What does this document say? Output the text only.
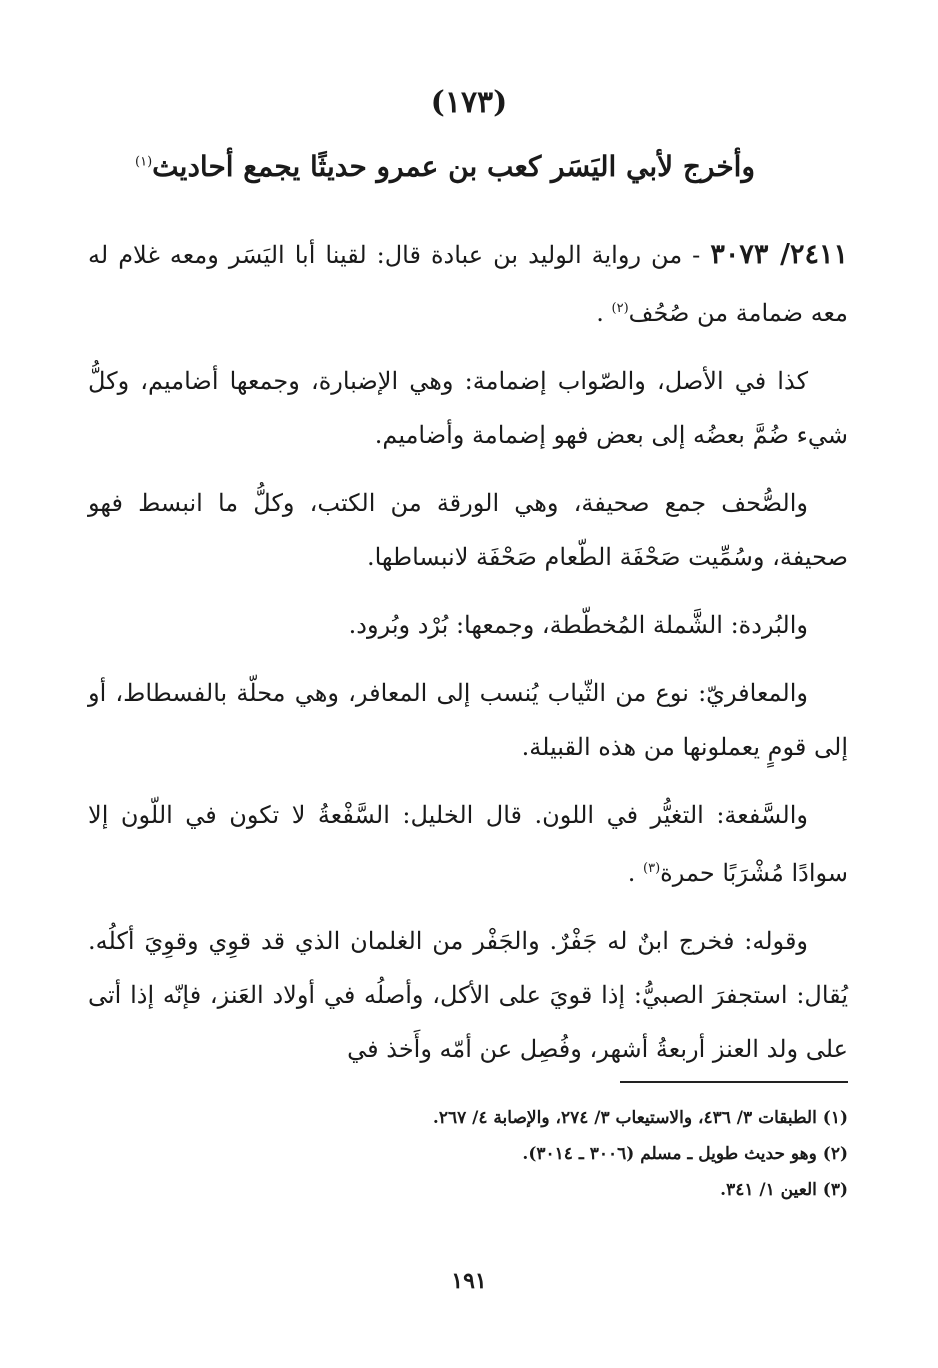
(١٧٣)
وأخرج لأبي اليَسَر كعب بن عمرو حديثًا يجمع أحاديث$^{(١)}$

٢٤١١/ ٣٠٧٣ - من رواية الوليد بن عبادة قال: لقينا أبا اليَسَر ومعه غلام له معه ضمامة من صُحُف$^{(٢)}$ .

كذا في الأصل، والصّواب إضمامة: وهي الإضبارة، وجمعها أضاميم، وكلُّ شيء ضُمَّ بعضُه إلى بعض فهو إضمامة وأضاميم.

والصُّحف جمع صحيفة، وهي الورقة من الكتب، وكلُّ ما انبسط فهو صحيفة، وسُمِّيت صَحْفَة الطّعام صَحْفَة لانبساطها.

والبُردة: الشَّملة المُخطّطة، وجمعها: بُرْد وبُرود.

والمعافريّ: نوع من الثّياب يُنسب إلى المعافر، وهي محلّة بالفسطاط، أو إلى قومٍ يعملونها من هذه القبيلة.

والسَّفعة: التغيُّر في اللون. قال الخليل: السَّفْعةُ لا تكون في اللّون إلا سوادًا مُشْرَبًا حمرة$^{(٣)}$ .

وقوله: فخرج ابنٌ له جَفْرٌ. والجَفْر من الغلمان الذي قد قوِي وقوِيَ أكلُه. يُقال: استجفرَ الصبيُّ: إذا قويَ على الأكل، وأصلُه في أولاد العَنز، فإنّه إذا أتى على ولد العنز أربعةُ أشهر، وفُصِل عن أمّه وأَخذ في

(١) الطبقات ٣/ ٤٣٦، والاستيعاب ٣/ ٢٧٤، والإصابة ٤/ ٢٦٧.

(٢) وهو حديث طويل ـ مسلم (٣٠٠٦ ـ ٣٠١٤).

(٣) العين ١/ ٣٤١.

١٩١
